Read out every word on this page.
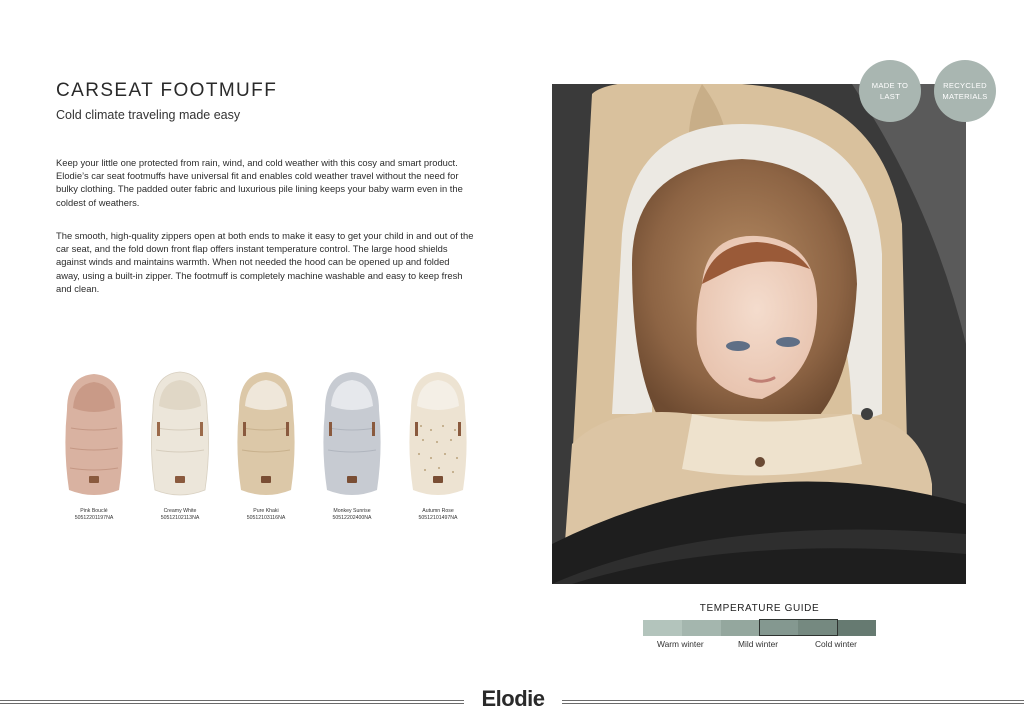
CARSEAT FOOTMUFF
Cold climate traveling made easy

Keep your little one protected from rain, wind, and cold weather with this cosy and smart product. Elodie’s car seat footmuffs have universal fit and enables cold weather travel without the need for bulky clothing. The padded outer fabric and luxurious pile lining keeps your baby warm even in the coldest of weathers.

The smooth, high-quality zippers open at both ends to make it easy to get your child in and out of the car seat, and the fold down front flap offers instant temperature control. The large hood shields against winds and maintains warmth. When not needed the hood can be opened up and folded away, using a built-in zipper. The footmuff is completely machine washable and easy to keep fresh and clean.

Pink Bouclé
50512201197NA
Creamy White
50512102113NA
Pure Khaki
50512103116NA
Monkey Sunrise
50512202400NA
Autumn Rose
50512101497NA
MADE TO
LAST
RECYCLED
MATERIALS
TEMPERATURE GUIDE
Warm winter	Mild winter	Cold winter
Elodie
